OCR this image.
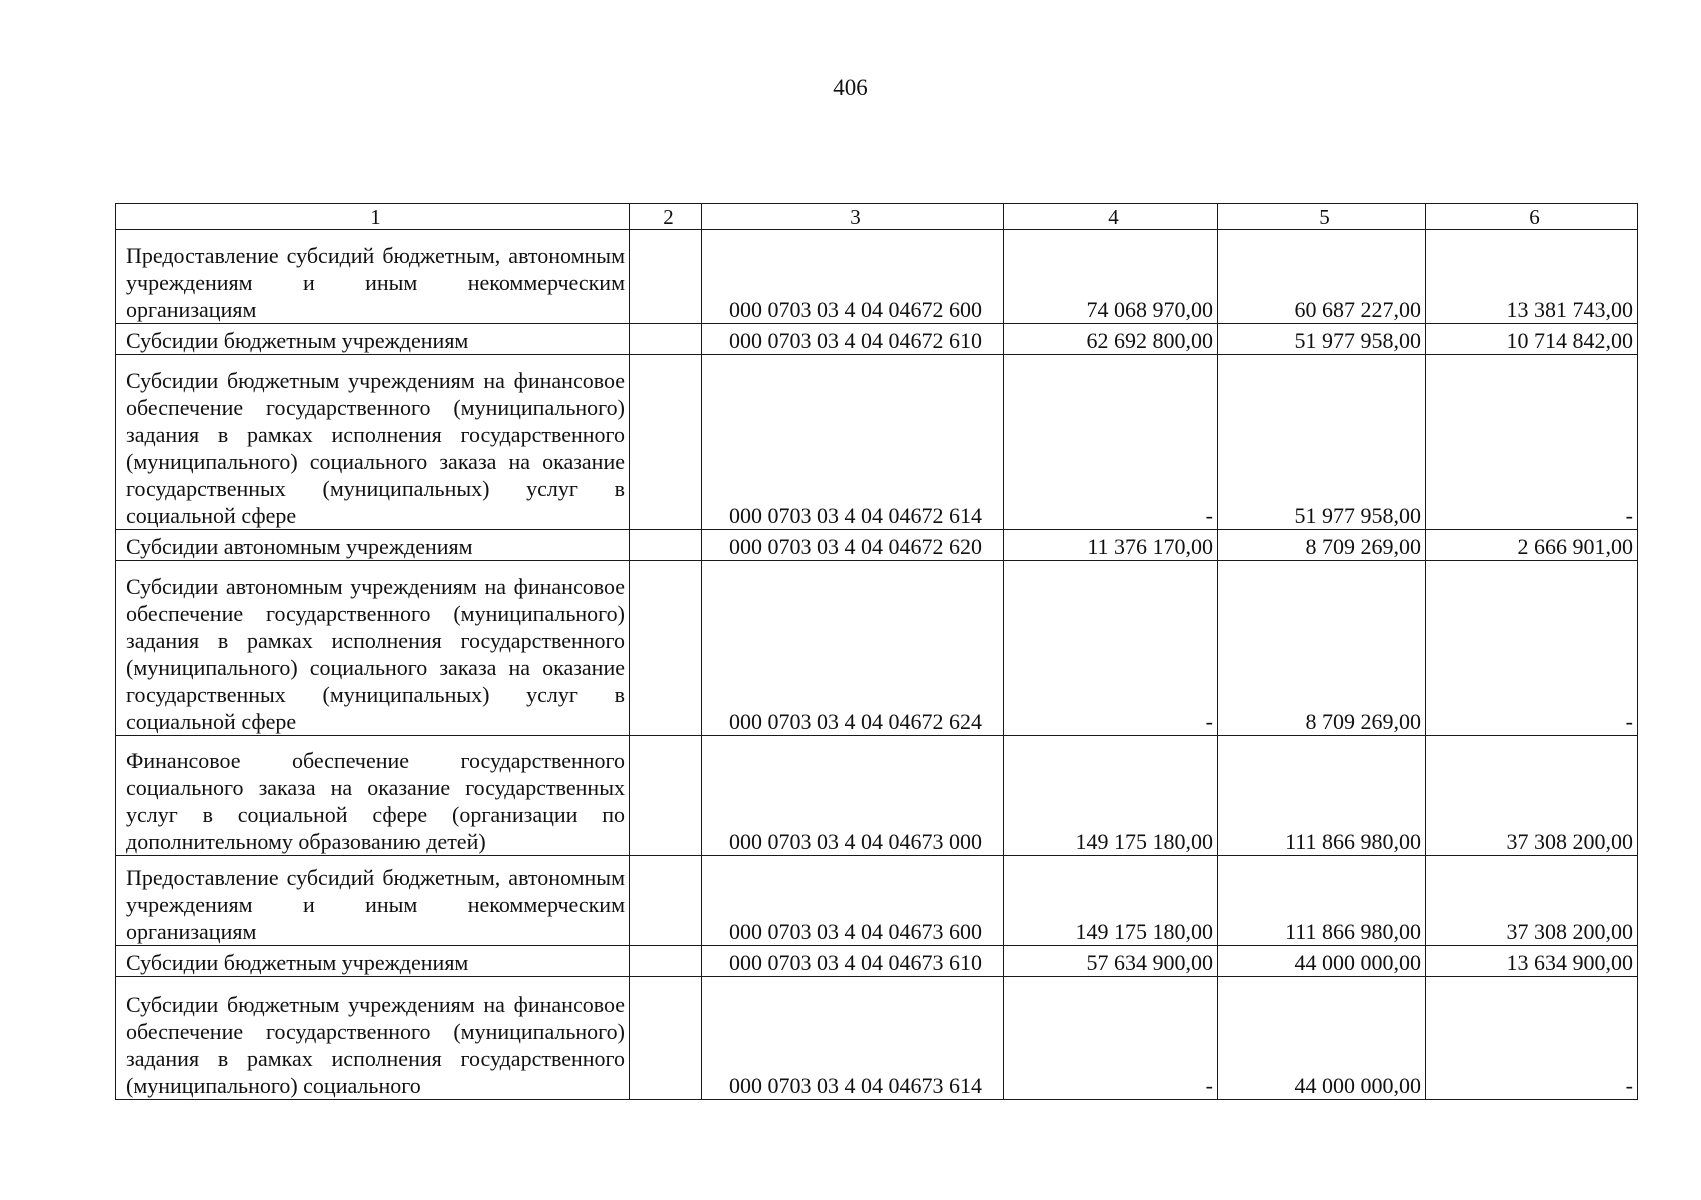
406
1	2	3	4	5	6
Предоставление субсидий бюджетным, автономным учреждениям и иным некоммерческим организациям		000 0703 03 4 04 04672 600	74 068 970,00	60 687 227,00	13 381 743,00
Субсидии бюджетным учреждениям		000 0703 03 4 04 04672 610	62 692 800,00	51 977 958,00	10 714 842,00
Субсидии бюджетным учреждениям на финансовое обеспечение государственного (муниципального) задания в рамках исполнения государственного (муниципального) социального заказа на оказание государственных (муниципальных) услуг в социальной сфере		000 0703 03 4 04 04672 614	-	51 977 958,00	-
Субсидии автономным учреждениям		000 0703 03 4 04 04672 620	11 376 170,00	8 709 269,00	2 666 901,00
Субсидии автономным учреждениям на финансовое обеспечение государственного (муниципального) задания в рамках исполнения государственного (муниципального) социального заказа на оказание государственных (муниципальных) услуг в социальной сфере		000 0703 03 4 04 04672 624	-	8 709 269,00	-
Финансовое обеспечение государственного социального заказа на оказание государственных услуг в социальной сфере (организации по дополнительному образованию детей)		000 0703 03 4 04 04673 000	149 175 180,00	111 866 980,00	37 308 200,00
Предоставление субсидий бюджетным, автономным учреждениям и иным некоммерческим организациям		000 0703 03 4 04 04673 600	149 175 180,00	111 866 980,00	37 308 200,00
Субсидии бюджетным учреждениям		000 0703 03 4 04 04673 610	57 634 900,00	44 000 000,00	13 634 900,00
Субсидии бюджетным учреждениям на финансовое обеспечение государственного (муниципального) задания в рамках исполнения государственного (муниципального) социального		000 0703 03 4 04 04673 614	-	44 000 000,00	-
